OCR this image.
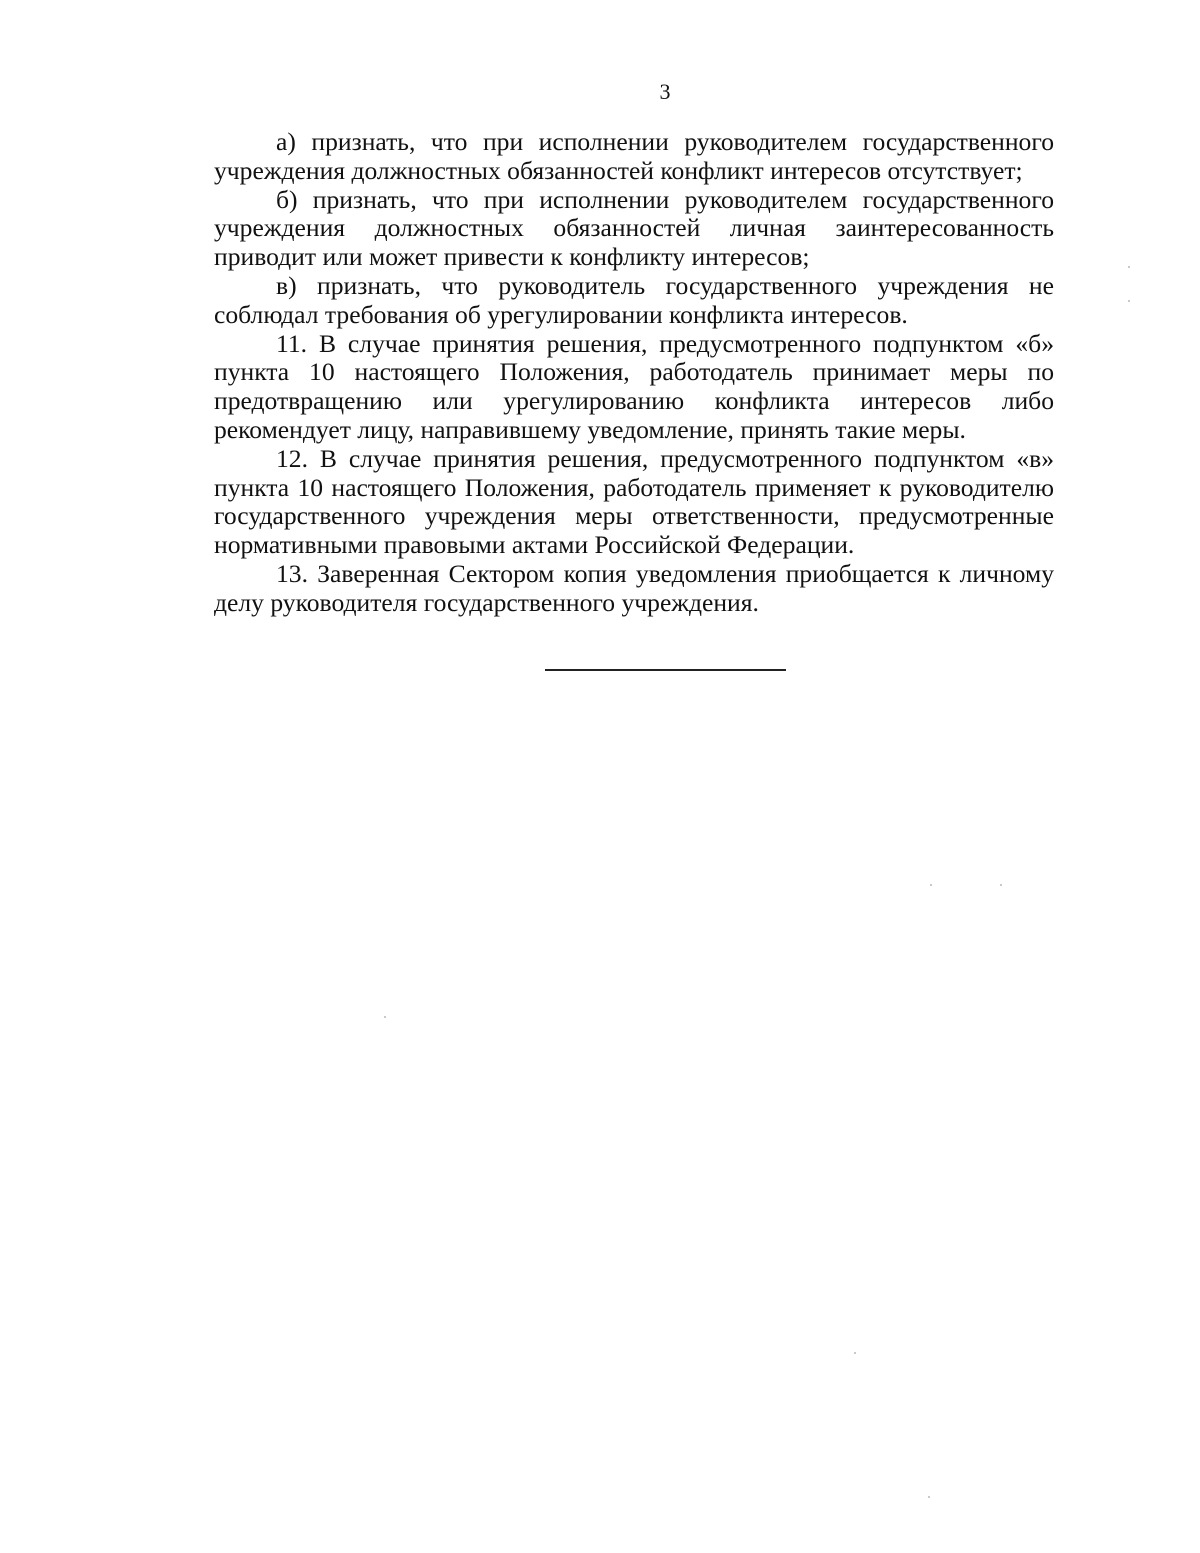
3

а) признать, что при исполнении руководителем государственного учреждения должностных обязанностей конфликт интересов отсутствует;

б) признать, что при исполнении руководителем государственного учреждения должностных обязанностей личная заинтересованность приводит или может привести к конфликту интересов;

в) признать, что руководитель государственного учреждения не соблюдал требования об урегулировании конфликта интересов.

11. В случае принятия решения, предусмотренного подпунктом «б» пункта 10 настоящего Положения, работодатель принимает меры по предотвращению или урегулированию конфликта интересов либо рекомендует лицу, направившему уведомление, принять такие меры.

12. В случае принятия решения, предусмотренного подпунктом «в» пункта 10 настоящего Положения, работодатель применяет к руководителю государственного учреждения меры ответственности, предусмотренные нормативными правовыми актами Российской Федерации.

13. Заверенная Сектором копия уведомления приобщается к личному делу руководителя государственного учреждения.
